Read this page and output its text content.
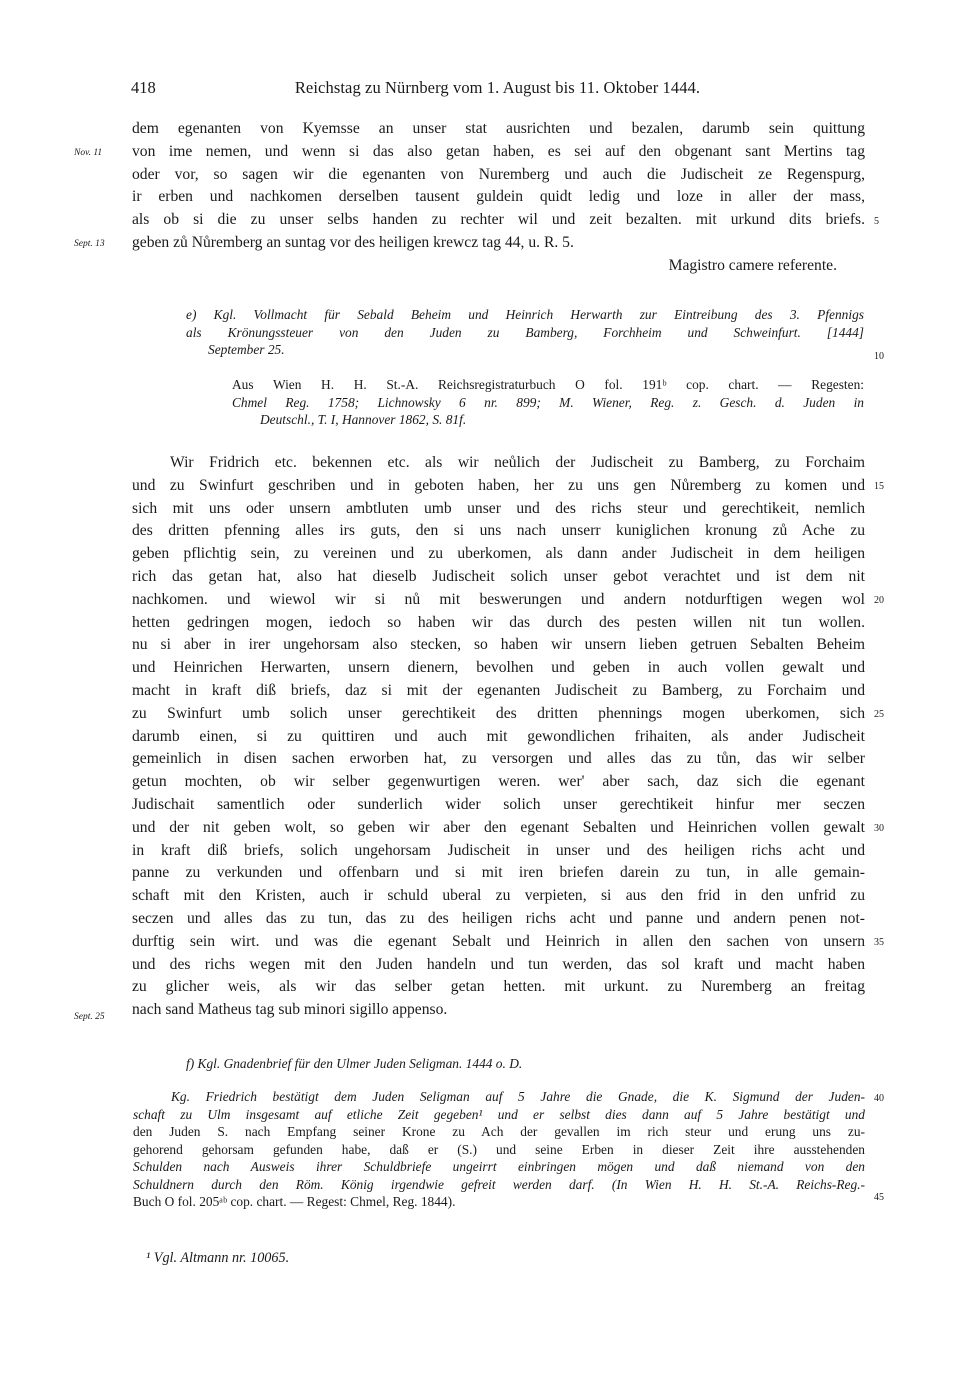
418	Reichstag zu Nürnberg vom 1. August bis 11. Oktober 1444.
dem egenanten von Kyemsse an unser stat ausrichten und bezalen, darumb sein quittung
von ime nemen, und wenn si das also getan haben, es sei auf den obgenant sant Mertins tag
oder vor, so sagen wir die egenanten von Nuremberg und auch die Judischeit ze Regenspurg,
ir erben und nachkomen derselben tausent guldein quidt ledig und loze in aller der mass,
als ob si die zu unser selbs handen zu rechter wil und zeit bezalten. mit urkund dits briefs.
geben zů Nůremberg an suntag vor des heiligen krewcz tag 44, u. R. 5.
Magistro camere referente.
e) Kgl. Vollmacht für Sebald Beheim und Heinrich Herwarth zur Eintreibung des 3. Pfennigs
als Krönungssteuer von den Juden zu Bamberg, Forchheim und Schweinfurt. [1444]
September 25.
Aus Wien H. H. St.-A. Reichsregistraturbuch O fol. 191ᵇ cop. chart. — Regesten:
Chmel Reg. 1758; Lichnowsky 6 nr. 899; M. Wiener, Reg. z. Gesch. d. Juden in
Deutschl., T. I, Hannover 1862, S. 81f.
Wir Fridrich etc. bekennen etc. als wir neůlich der Judischeit zu Bamberg, zu Forchaim
und zu Swinfurt geschriben und in geboten haben, her zu uns gen Nůremberg zu komen und
sich mit uns oder unsern ambtluten umb unser und des richs steur und gerechtikeit, nemlich
des dritten pfenning alles irs guts, den si uns nach unserr kuniglichen kronung zů Ache zu
geben pflichtig sein, zu vereinen und zu uberkomen, als dann ander Judischeit in dem heiligen
rich das getan hat, also hat dieselb Judischeit solich unser gebot verachtet und ist dem nit
nachkomen. und wiewol wir si nů mit beswerungen und andern notdurftigen wegen wol
hetten gedringen mogen, iedoch so haben wir das durch des pesten willen nit tun wollen.
nu si aber in irer ungehorsam also stecken, so haben wir unsern lieben getruen Sebalten Beheim
und Heinrichen Herwarten, unsern dienern, bevolhen und geben in auch vollen gewalt und
macht in kraft diß briefs, daz si mit der egenanten Judischeit zu Bamberg, zu Forchaim und
zu Swinfurt umb solich unser gerechtikeit des dritten phennings mogen uberkomen, sich
darumb einen, si zu quittiren und auch mit gewondlichen frihaiten, als ander Judischeit
gemeinlich in disen sachen erworben hat, zu versorgen und alles das zu tůn, das wir selber
getun mochten, ob wir selber gegenwurtigen weren. wer' aber sach, daz sich die egenant
Judischait samentlich oder sunderlich wider solich unser gerechtikeit hinfur mer seczen
und der nit geben wolt, so geben wir aber den egenant Sebalten und Heinrichen vollen gewalt
in kraft diß briefs, solich ungehorsam Judischeit in unser und des heiligen richs acht und
panne zu verkunden und offenbarn und si mit iren briefen darein zu tun, in alle gemain-
schaft mit den Kristen, auch ir schuld uberal zu verpieten, si aus den frid in den unfrid zu
seczen und alles das zu tun, das zu des heiligen richs acht und panne und andern penen not-
durftig sein wirt. und was die egenant Sebalt und Heinrich in allen den sachen von unsern
und des richs wegen mit den Juden handeln und tun werden, das sol kraft und macht haben
zu glicher weis, als wir das selber getan hetten. mit urkunt. zu Nuremberg an freitag
nach sand Matheus tag sub minori sigillo appenso.
f) Kgl. Gnadenbrief für den Ulmer Juden Seligman. 1444 o. D.
Kg. Friedrich bestätigt dem Juden Seligman auf 5 Jahre die Gnade, die K. Sigmund der Juden-
schaft zu Ulm insgesamt auf etliche Zeit gegeben¹ und er selbst dies dann auf 5 Jahre bestätigt und
den Juden S. nach Empfang seiner Krone zu Ach der gevallen im rich steur und erung uns zu-
gehorend gehorsam gefunden habe, daß er (S.) und seine Erben in dieser Zeit ihre ausstehenden
Schulden nach Ausweis ihrer Schuldbriefe ungeirrt einbringen mögen und daß niemand von den
Schuldnern durch den Röm. König irgendwie gefreit werden darf. (In Wien H. H. St.-A. Reichs-Reg.-
Buch O fol. 205ᵃᵇ cop. chart. — Regest: Chmel, Reg. 1844).
¹ Vgl. Altmann nr. 10065.
Nov. 11
Sept. 13
Sept. 25
5
10
15
20
25
30
35
40
45
